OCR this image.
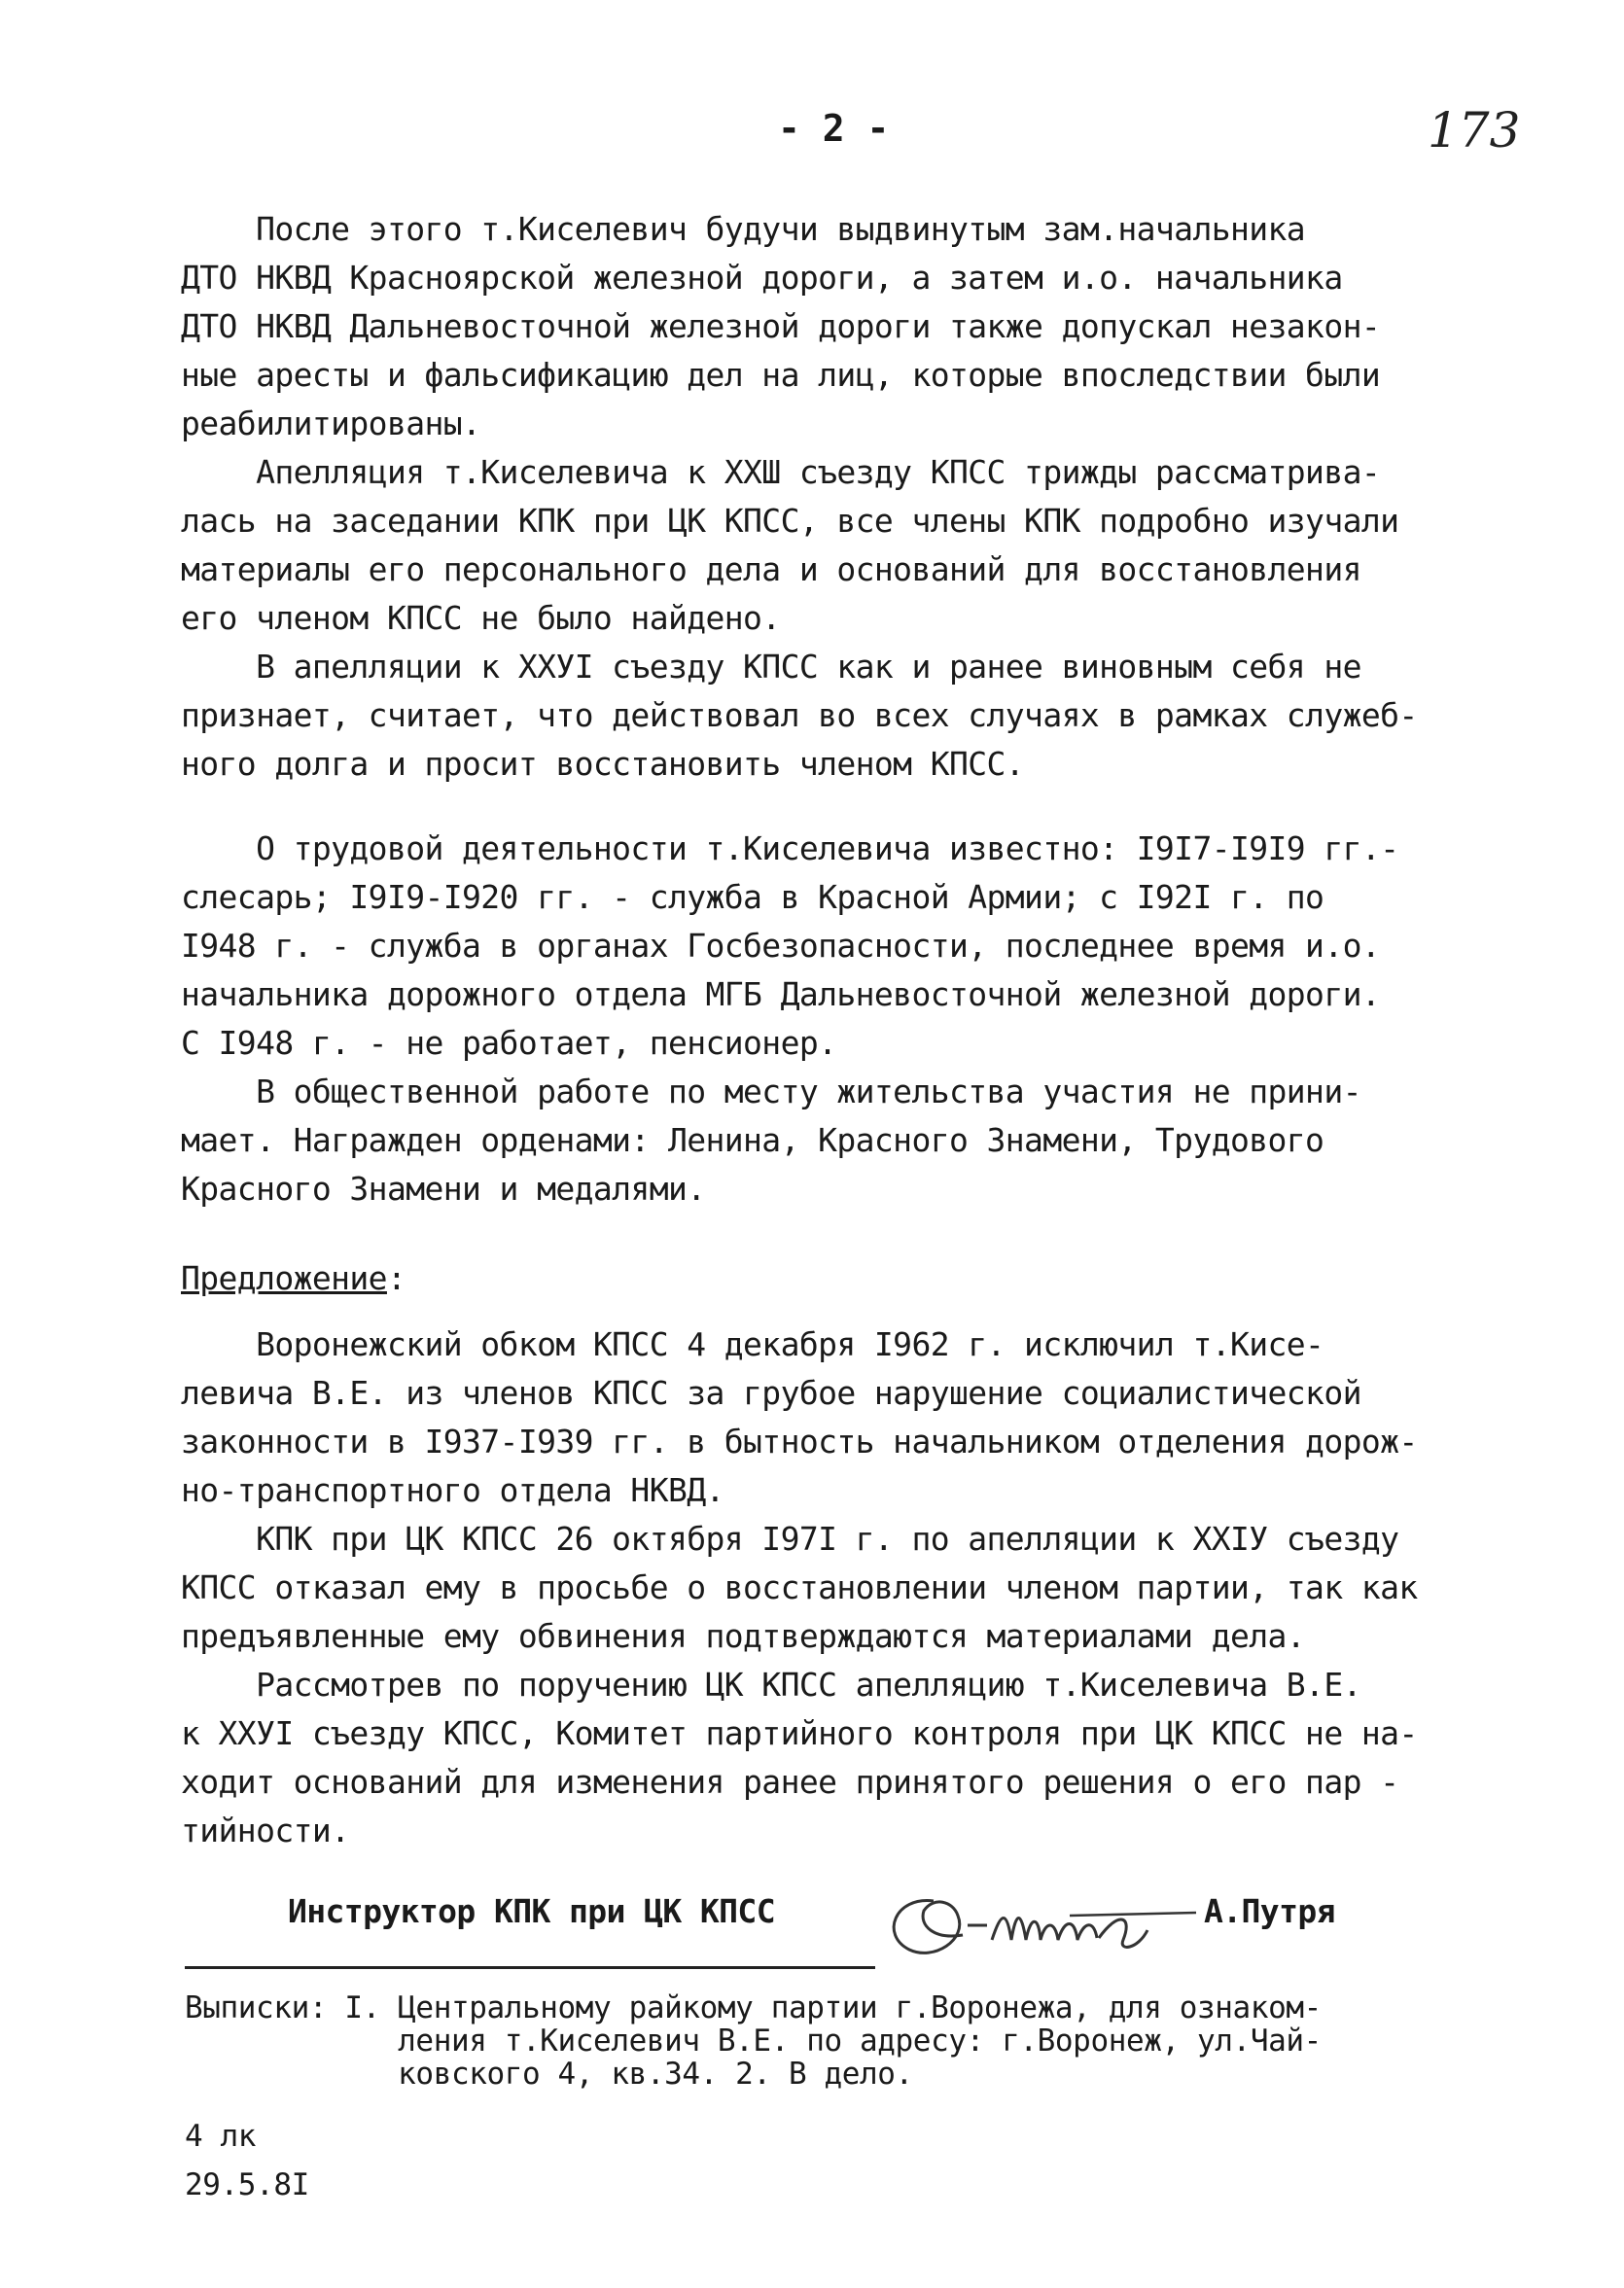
- 2 -	173

После этого т.Киселевич будучи выдвинутым зам.начальника

ДТО НКВД Красноярской железной дороги, а затем и.о. начальника

ДТО НКВД Дальневосточной железной дороги также допускал незакон-

ные аресты и фальсификацию дел на лиц, которые впоследствии были

реабилитированы.

Апелляция т.Киселевича к ХХШ съезду КПСС трижды рассматрива-

лась на заседании КПК при ЦК КПСС, все члены КПК подробно изучали

материалы его персонального дела и оснований для восстановления

его членом КПСС не было найдено.

В апелляции к ХХУI съезду КПСС как и ранее виновным себя не

признает, считает, что действовал во всех случаях в рамках служеб-

ного долга и просит восстановить членом КПСС.

О трудовой деятельности т.Киселевича известно: I9I7-I9I9 гг.-

слесарь; I9I9-I920 гг. - служба в Красной Армии; с I92I г. по

I948 г. - служба в органах Госбезопасности, последнее время и.о.

начальника дорожного отдела МГБ Дальневосточной железной дороги.

С I948 г. - не работает, пенсионер.

В общественной работе по месту жительства участия не прини-

мает. Награжден орденами: Ленина, Красного Знамени, Трудового

Красного Знамени и медалями.

Предложение:

Воронежский обком КПСС 4 декабря I962 г. исключил т.Кисе-

левича В.Е. из членов КПСС за грубое нарушение социалистической

законности в I937-I939 гг. в бытность начальником отделения дорож-

но-транспортного отдела НКВД.

КПК при ЦК КПСС 26 октября I97I г. по апелляции к ХХIУ съезду

КПСС отказал ему в просьбе о восстановлении членом партии, так как

предъявленные ему обвинения подтверждаются материалами дела.

Рассмотрев по поручению ЦК КПСС апелляцию т.Киселевича В.Е.

к ХХУI съезду КПСС, Комитет партийного контроля при ЦК КПСС не на-

ходит оснований для изменения ранее принятого решения о его пар -

тийности.

Инструктор КПК при ЦК КПСС	А.Путря

Выписки: I. Центральному райкому партии г.Воронежа, для ознаком-

ления т.Киселевич В.Е. по адресу: г.Воронеж, ул.Чай-

ковского 4, кв.34. 2. В дело.

4 лк

29.5.8I
